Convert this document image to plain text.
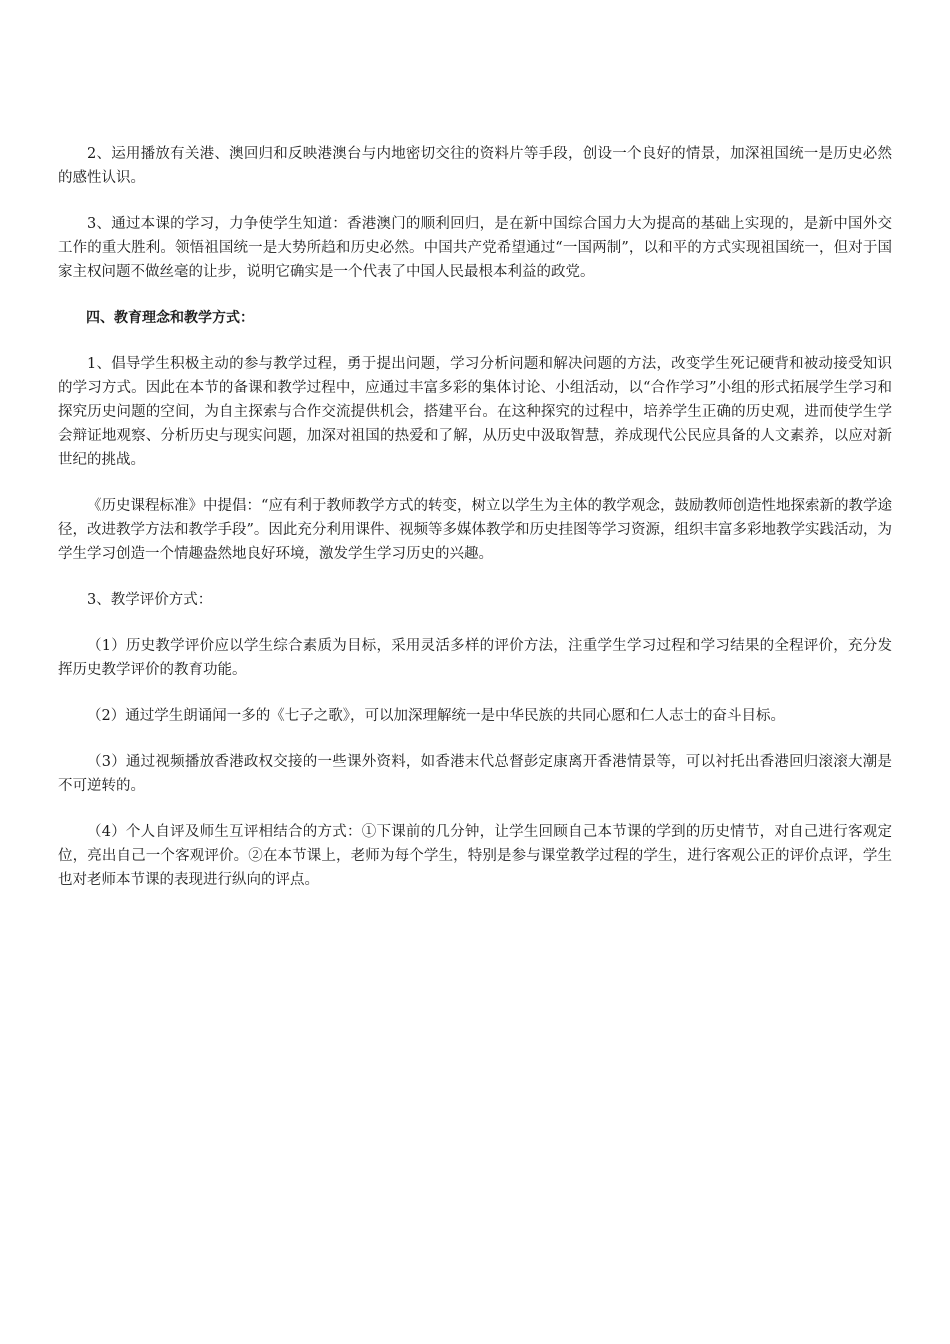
2、运用播放有关港、澳回归和反映港澳台与内地密切交往的资料片等手段，创设一个良好的情景，加深祖国统一是历史必然的感性认识。

3、通过本课的学习，力争使学生知道：香港澳门的顺利回归，是在新中国综合国力大为提高的基础上实现的，是新中国外交工作的重大胜利。领悟祖国统一是大势所趋和历史必然。中国共产党希望通过“一国两制”，以和平的方式实现祖国统一，但对于国家主权问题不做丝毫的让步，说明它确实是一个代表了中国人民最根本利益的政党。

四、教育理念和教学方式：

1、倡导学生积极主动的参与教学过程，勇于提出问题，学习分析问题和解决问题的方法，改变学生死记硬背和被动接受知识的学习方式。因此在本节的备课和教学过程中，应通过丰富多彩的集体讨论、小组活动，以“合作学习”小组的形式拓展学生学习和探究历史问题的空间，为自主探索与合作交流提供机会，搭建平台。在这种探究的过程中，培养学生正确的历史观，进而使学生学会辩证地观察、分析历史与现实问题，加深对祖国的热爱和了解，从历史中汲取智慧，养成现代公民应具备的人文素养，以应对新世纪的挑战。

《历史课程标准》中提倡：“应有利于教师教学方式的转变，树立以学生为主体的教学观念，鼓励教师创造性地探索新的教学途径，改进教学方法和教学手段”。因此充分利用课件、视频等多媒体教学和历史挂图等学习资源，组织丰富多彩地教学实践活动，为学生学习创造一个情趣盎然地良好环境，激发学生学习历史的兴趣。

3、教学评价方式：

（1）历史教学评价应以学生综合素质为目标，采用灵活多样的评价方法，注重学生学习过程和学习结果的全程评价，充分发挥历史教学评价的教育功能。

（2）通过学生朗诵闻一多的《七子之歌》，可以加深理解统一是中华民族的共同心愿和仁人志士的奋斗目标。

（3）通过视频播放香港政权交接的一些课外资料，如香港末代总督彭定康离开香港情景等，可以衬托出香港回归滚滚大潮是不可逆转的。

（4）个人自评及师生互评相结合的方式：①下课前的几分钟，让学生回顾自己本节课的学到的历史情节，对自己进行客观定位，亮出自己一个客观评价。②在本节课上，老师为每个学生，特别是参与课堂教学过程的学生，进行客观公正的评价点评，学生也对老师本节课的表现进行纵向的评点。
